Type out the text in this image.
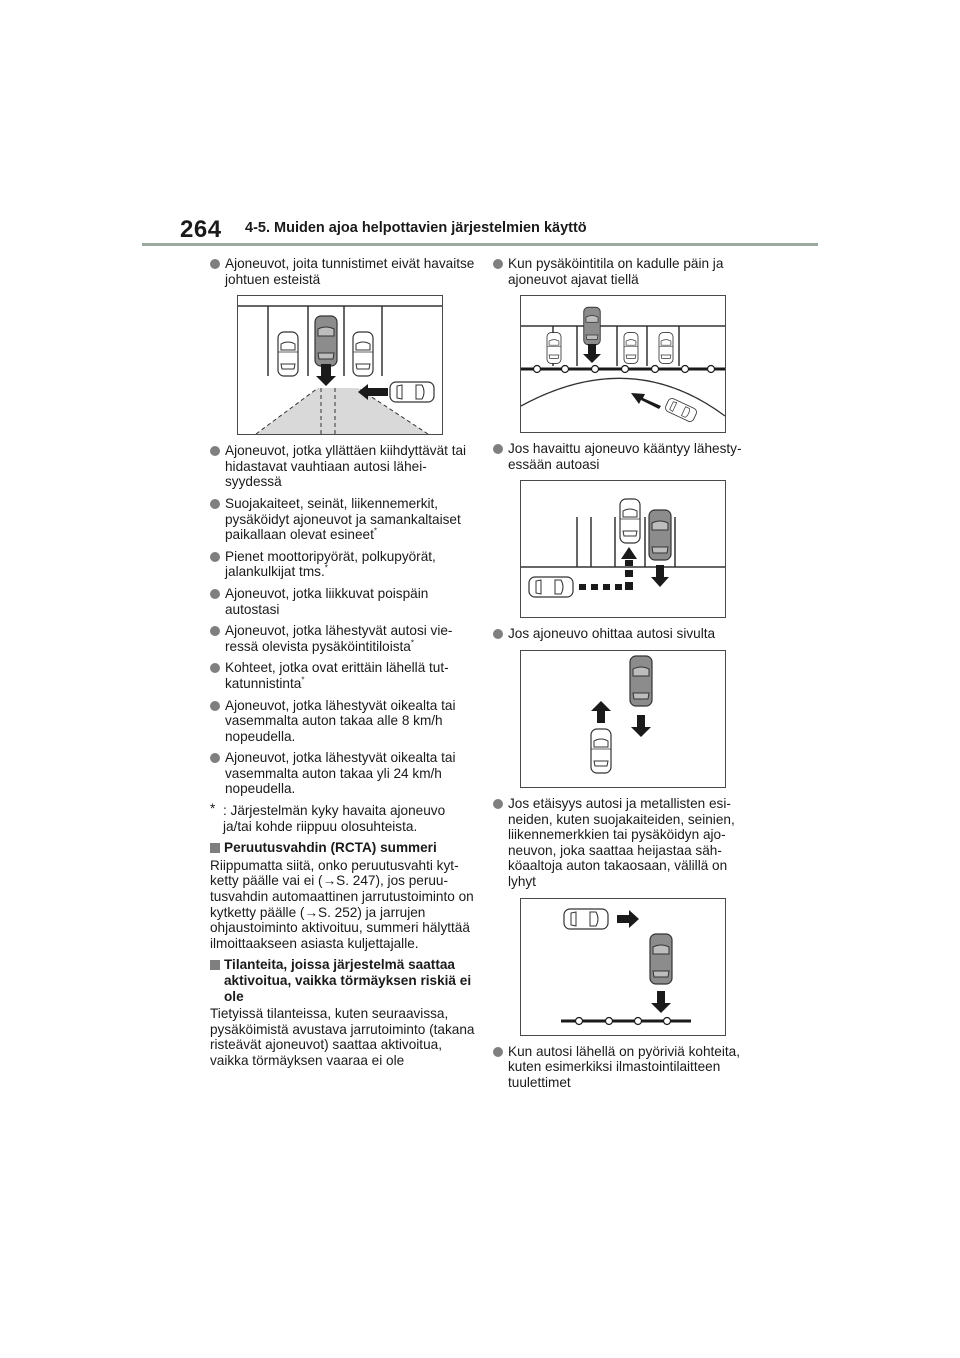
264 4-5. Muiden ajoa helpottavien järjestelmien käyttö
Ajoneuvot, joita tunnistimet eivät havaitse johtuen esteistä
Ajoneuvot, jotka yllättäen kiihdyttävät tai hidastavat vauhtiaan autosi läheisyydessä
Suojakaiteet, seinät, liikennemerkit, pysäköidyt ajoneuvot ja samankaltaiset paikallaan olevat esineet*
Pienet moottoripyörät, polkupyörät, jalankulkijat tms.*
Ajoneuvot, jotka liikkuvat poispäin autostasi
Ajoneuvot, jotka lähestyvät autosi vieressä olevista pysäköintitiloista*
Kohteet, jotka ovat erittäin lähellä tutkatunnistinta*
Ajoneuvot, jotka lähestyvät oikealta tai vasemmalta auton takaa alle 8 km/h nopeudella.
Ajoneuvot, jotka lähestyvät oikealta tai vasemmalta auton takaa yli 24 km/h nopeudella.
* : Järjestelmän kyky havaita ajoneuvo ja/tai kohde riippuu olosuhteista.
Peruutusvahdin (RCTA) summeri
Riippumatta siitä, onko peruutusvahti kytketty päälle vai ei (→S. 247), jos peruutusvahdin automaattinen jarrutustoiminto on kytketty päälle (→S. 252) ja jarrujen ohjaustoiminto aktivoituu, summeri hälyttää ilmoittaakseen asiasta kuljettajalle.
Tilanteita, joissa järjestelmä saattaa aktivoitua, vaikka törmäyksen riskiä ei ole
Tietyissä tilanteissa, kuten seuraavissa, pysäköimistä avustava jarrutoiminto (takana risteävät ajoneuvot) saattaa aktivoitua, vaikka törmäyksen vaaraa ei ole
Kun pysäköintitila on kadulle päin ja ajoneuvot ajavat tiellä
Jos havaittu ajoneuvo kääntyy lähestyessään autoasi
Jos ajoneuvo ohittaa autosi sivulta
Jos etäisyys autosi ja metallisten esineiden, kuten suojakaiteiden, seinien, liikennemerkkien tai pysäköidyn ajoneuvon, joka saattaa heijastaa sähköaaltoja auton takaosaan, välillä on lyhyt
Kun autosi lähellä on pyöriviä kohteita, kuten esimerkiksi ilmastointilaitteen tuulettimet
